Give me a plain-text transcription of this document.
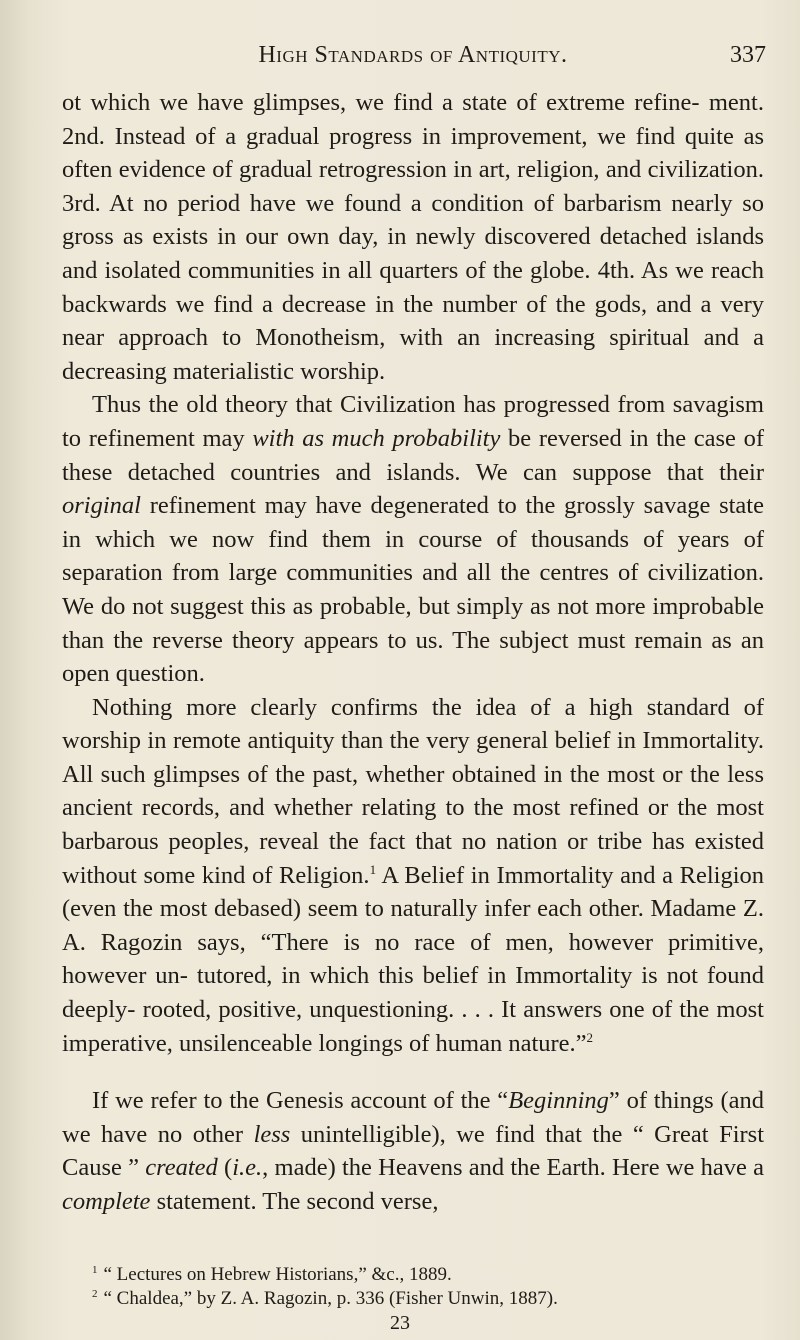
High Standards of Antiquity.	337

ot which we have glimpses, we find a state of extreme refine- ment. 2nd. Instead of a gradual progress in improvement, we find quite as often evidence of gradual retrogression in art, religion, and civilization. 3rd. At no period have we found a condition of barbarism nearly so gross as exists in our own day, in newly discovered detached islands and isolated communities in all quarters of the globe. 4th. As we reach backwards we find a decrease in the number of the gods, and a very near approach to Monotheism, with an increasing spiritual and a decreasing materialistic worship.

Thus the old theory that Civilization has progressed from savagism to refinement may with as much probability be reversed in the case of these detached countries and islands. We can suppose that their original refinement may have degenerated to the grossly savage state in which we now find them in course of thousands of years of separation from large communities and all the centres of civilization. We do not suggest this as probable, but simply as not more improbable than the reverse theory appears to us. The subject must remain as an open question.

Nothing more clearly confirms the idea of a high standard of worship in remote antiquity than the very general belief in Immortality. All such glimpses of the past, whether obtained in the most or the less ancient records, and whether relating to the most refined or the most barbarous peoples, reveal the fact that no nation or tribe has existed without some kind of Religion.$^1$ A Belief in Immortality and a Religion (even the most debased) seem to naturally infer each other. Madame Z. A. Ragozin says, “There is no race of men, however primitive, however un- tutored, in which this belief in Immortality is not found deeply- rooted, positive, unquestioning. . . . It answers one of the most imperative, unsilenceable longings of human nature.”$^2$

If we refer to the Genesis account of the “Beginning” of things (and we have no other less unintelligible), we find that the “ Great First Cause ” created (i.e., made) the Heavens and the Earth. Here we have a complete statement. The second verse,

$^1$ “ Lectures on Hebrew Historians,” &c., 1889.
$^2$ “ Chaldea,” by Z. A. Ragozin, p. 336 (Fisher Unwin, 1887).
23
